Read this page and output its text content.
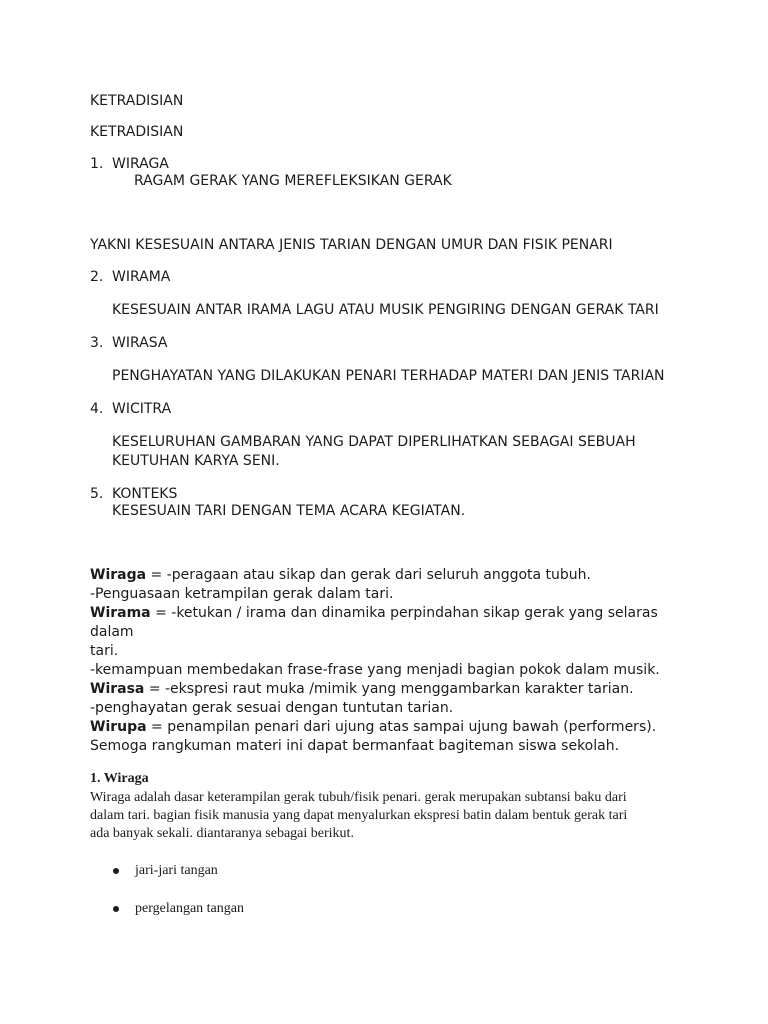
KETRADISIAN
KETRADISIAN
1. WIRAGA
RAGAM GERAK YANG MEREFLEKSIKAN GERAK
YAKNI KESESUAIN ANTARA JENIS TARIAN DENGAN UMUR DAN FISIK PENARI
2. WIRAMA
KESESUAIN ANTAR IRAMA LAGU ATAU MUSIK PENGIRING DENGAN GERAK TARI
3. WIRASA
PENGHAYATAN YANG DILAKUKAN PENARI TERHADAP MATERI DAN JENIS TARIAN
4. WICITRA
KESELURUHAN GAMBARAN YANG DAPAT DIPERLIHATKAN SEBAGAI SEBUAH
KEUTUHAN KARYA SENI.
5. KONTEKS
KESESUAIN TARI DENGAN TEMA ACARA KEGIATAN.
Wiraga = -peragaan atau sikap dan gerak dari seluruh anggota tubuh.
-Penguasaan ketrampilan gerak dalam tari.
Wirama = -ketukan / irama dan dinamika perpindahan sikap gerak yang selaras
dalam
tari.
-kemampuan membedakan frase-frase yang menjadi bagian pokok dalam musik.
Wirasa = -ekspresi raut muka /mimik yang menggambarkan karakter tarian.
-penghayatan gerak sesuai dengan tuntutan tarian.
Wirupa = penampilan penari dari ujung atas sampai ujung bawah (performers).
Semoga rangkuman materi ini dapat bermanfaat bagiteman siswa sekolah.
1. Wiraga
Wiraga adalah dasar keterampilan gerak tubuh/fisik penari. gerak merupakan subtansi baku dari
dalam tari. bagian fisik manusia yang dapat menyalurkan ekspresi batin dalam bentuk gerak tari
ada banyak sekali. diantaranya sebagai berikut.
jari-jari tangan
pergelangan tangan
